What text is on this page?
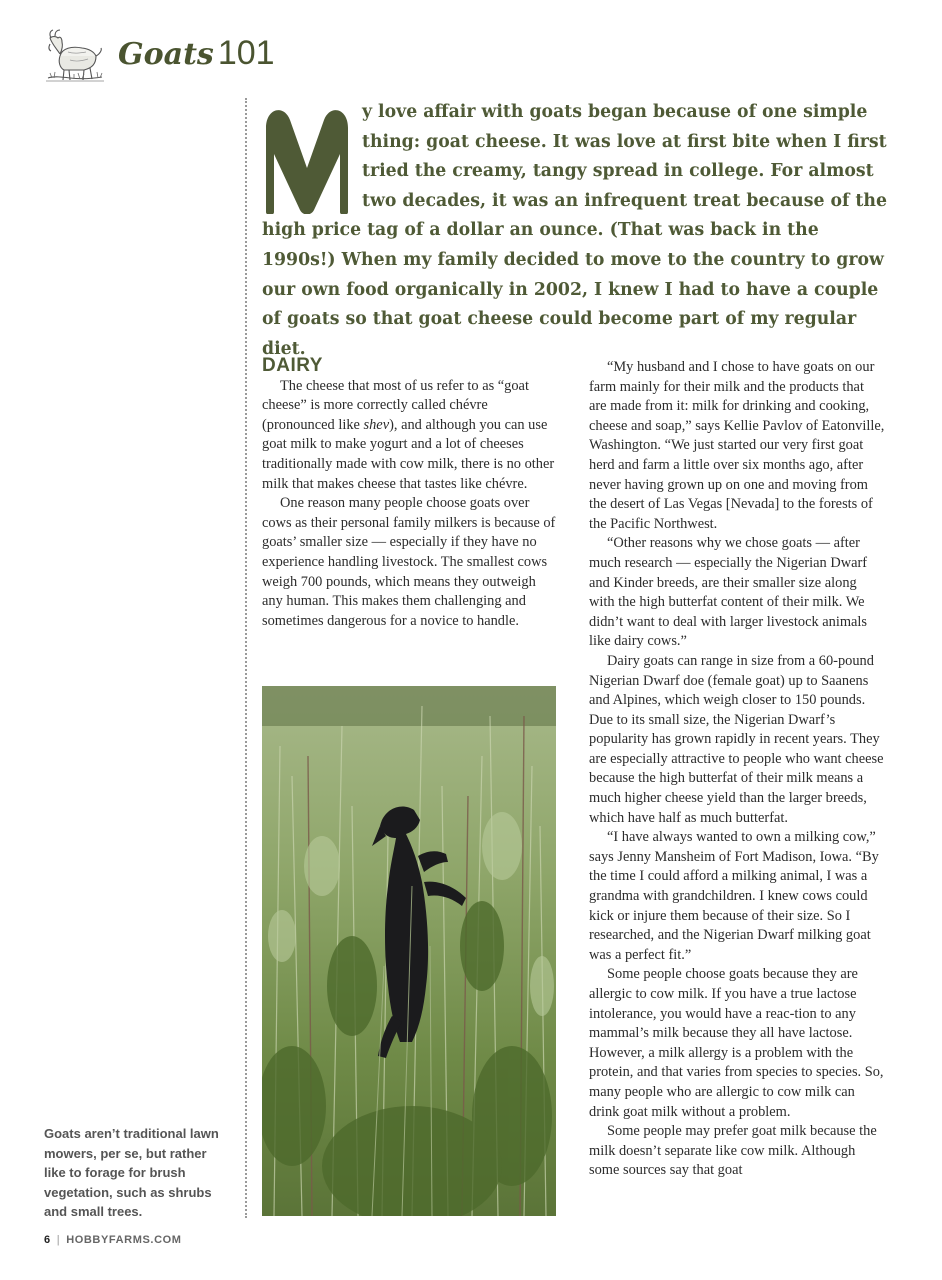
Goats 101
y love affair with goats began because of one simple thing: goat cheese. It was love at first bite when I first tried the creamy, tangy spread in college. For almost two decades, it was an infrequent treat because of the high price tag of a dollar an ounce. (That was back in the 1990s!) When my family decided to move to the country to grow our own food organically in 2002, I knew I had to have a couple of goats so that goat cheese could become part of my regular diet.
DAIRY

The cheese that most of us refer to as “goat cheese” is more correctly called chévre (pronounced like shev), and although you can use goat milk to make yogurt and a lot of cheeses traditionally made with cow milk, there is no other milk that makes cheese that tastes like chévre.

One reason many people choose goats over cows as their personal family milkers is because of goats’ smaller size — especially if they have no experience handling livestock. The smallest cows weigh 700 pounds, which means they outweigh any human. This makes them challenging and sometimes dangerous for a novice to handle.

“My husband and I chose to have goats on our farm mainly for their milk and the products that are made from it: milk for drinking and cooking, cheese and soap,” says Kellie Pavlov of Eatonville, Washington. “We just started our very first goat herd and farm a little over six months ago, after never having grown up on one and moving from the desert of Las Vegas [Nevada] to the forests of the Pacific Northwest.

“Other reasons why we chose goats — after much research — especially the Nigerian Dwarf and Kinder breeds, are their smaller size along with the high butterfat content of their milk. We didn’t want to deal with larger livestock animals like dairy cows.”

Dairy goats can range in size from a 60-pound Nigerian Dwarf doe (female goat) up to Saanens and Alpines, which weigh closer to 150 pounds. Due to its small size, the Nigerian Dwarf’s popularity has grown rapidly in recent years. They are especially attractive to people who want cheese because the high butterfat of their milk means a much higher cheese yield than the larger breeds, which have half as much butterfat.

“I have always wanted to own a milking cow,” says Jenny Mansheim of Fort Madison, Iowa. “By the time I could afford a milking animal, I was a grandma with grandchildren. I knew cows could kick or injure them because of their size. So I researched, and the Nigerian Dwarf milking goat was a perfect fit.”

Some people choose goats because they are allergic to cow milk. If you have a true lactose intolerance, you would have a reac-tion to any mammal’s milk because they all have lactose. However, a milk allergy is a problem with the protein, and that varies from species to species. So, many people who are allergic to cow milk can drink goat milk without a problem.

Some people may prefer goat milk because the milk doesn’t separate like cow milk. Although some sources say that goat

Goats aren’t traditional lawn mowers, per se, but rather like to forage for brush vegetation, such as shrubs and small trees.
6 | HOBBYFARMS.COM
